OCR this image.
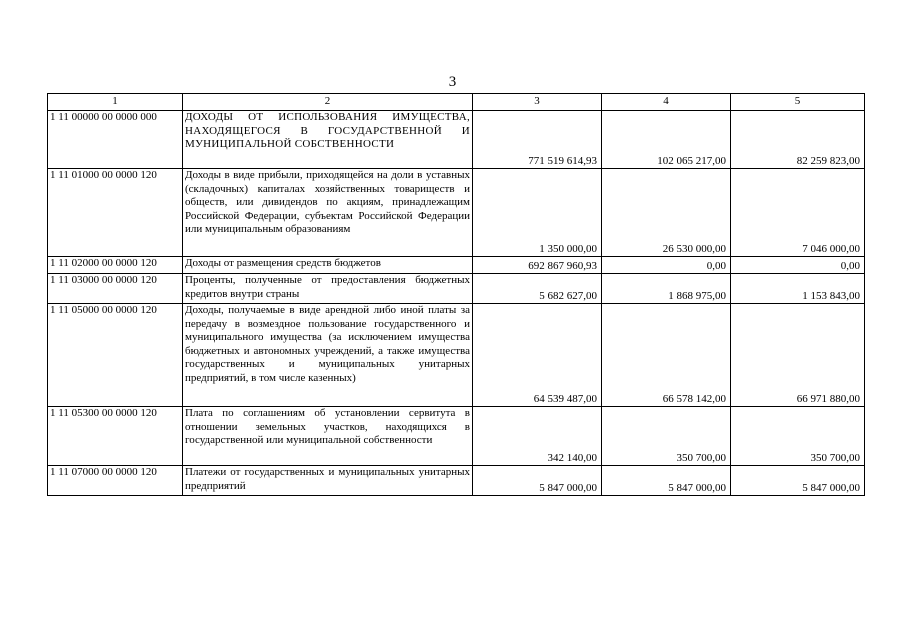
3
1	2	3	4	5
1 11 00000 00 0000 000	ДОХОДЫ ОТ ИСПОЛЬЗОВАНИЯ ИМУЩЕСТВА, НАХОДЯЩЕГОСЯ В ГОСУДАРСТВЕННОЙ И МУНИЦИПАЛЬНОЙ СОБСТВЕННОСТИ	771 519 614,93	102 065 217,00	82 259 823,00
1 11 01000 00 0000 120	Доходы в виде прибыли, приходящейся на доли в уставных (складочных) капиталах хозяйственных товариществ и обществ, или дивидендов по акциям, принадлежащим Российской Федерации, субъектам Российской Федерации или муниципальным образованиям	1 350 000,00	26 530 000,00	7 046 000,00
1 11 02000 00 0000 120	Доходы от размещения средств бюджетов	692 867 960,93	0,00	0,00
1 11 03000 00 0000 120	Проценты, полученные от предоставления бюджетных кредитов внутри страны	5 682 627,00	1 868 975,00	1 153 843,00
1 11 05000 00 0000 120	Доходы, получаемые в виде арендной либо иной платы за передачу в возмездное пользование государственного и муниципального имущества (за исключением имущества бюджетных и автономных учреждений, а также имущества государственных и муниципальных унитарных предприятий, в том числе казенных)	64 539 487,00	66 578 142,00	66 971 880,00
1 11 05300 00 0000 120	Плата по соглашениям об установлении сервитута в отношении земельных участков, находящихся в государственной или муниципальной собственности	342 140,00	350 700,00	350 700,00
1 11 07000 00 0000 120	Платежи от государственных и муниципальных унитарных предприятий	5 847 000,00	5 847 000,00	5 847 000,00
